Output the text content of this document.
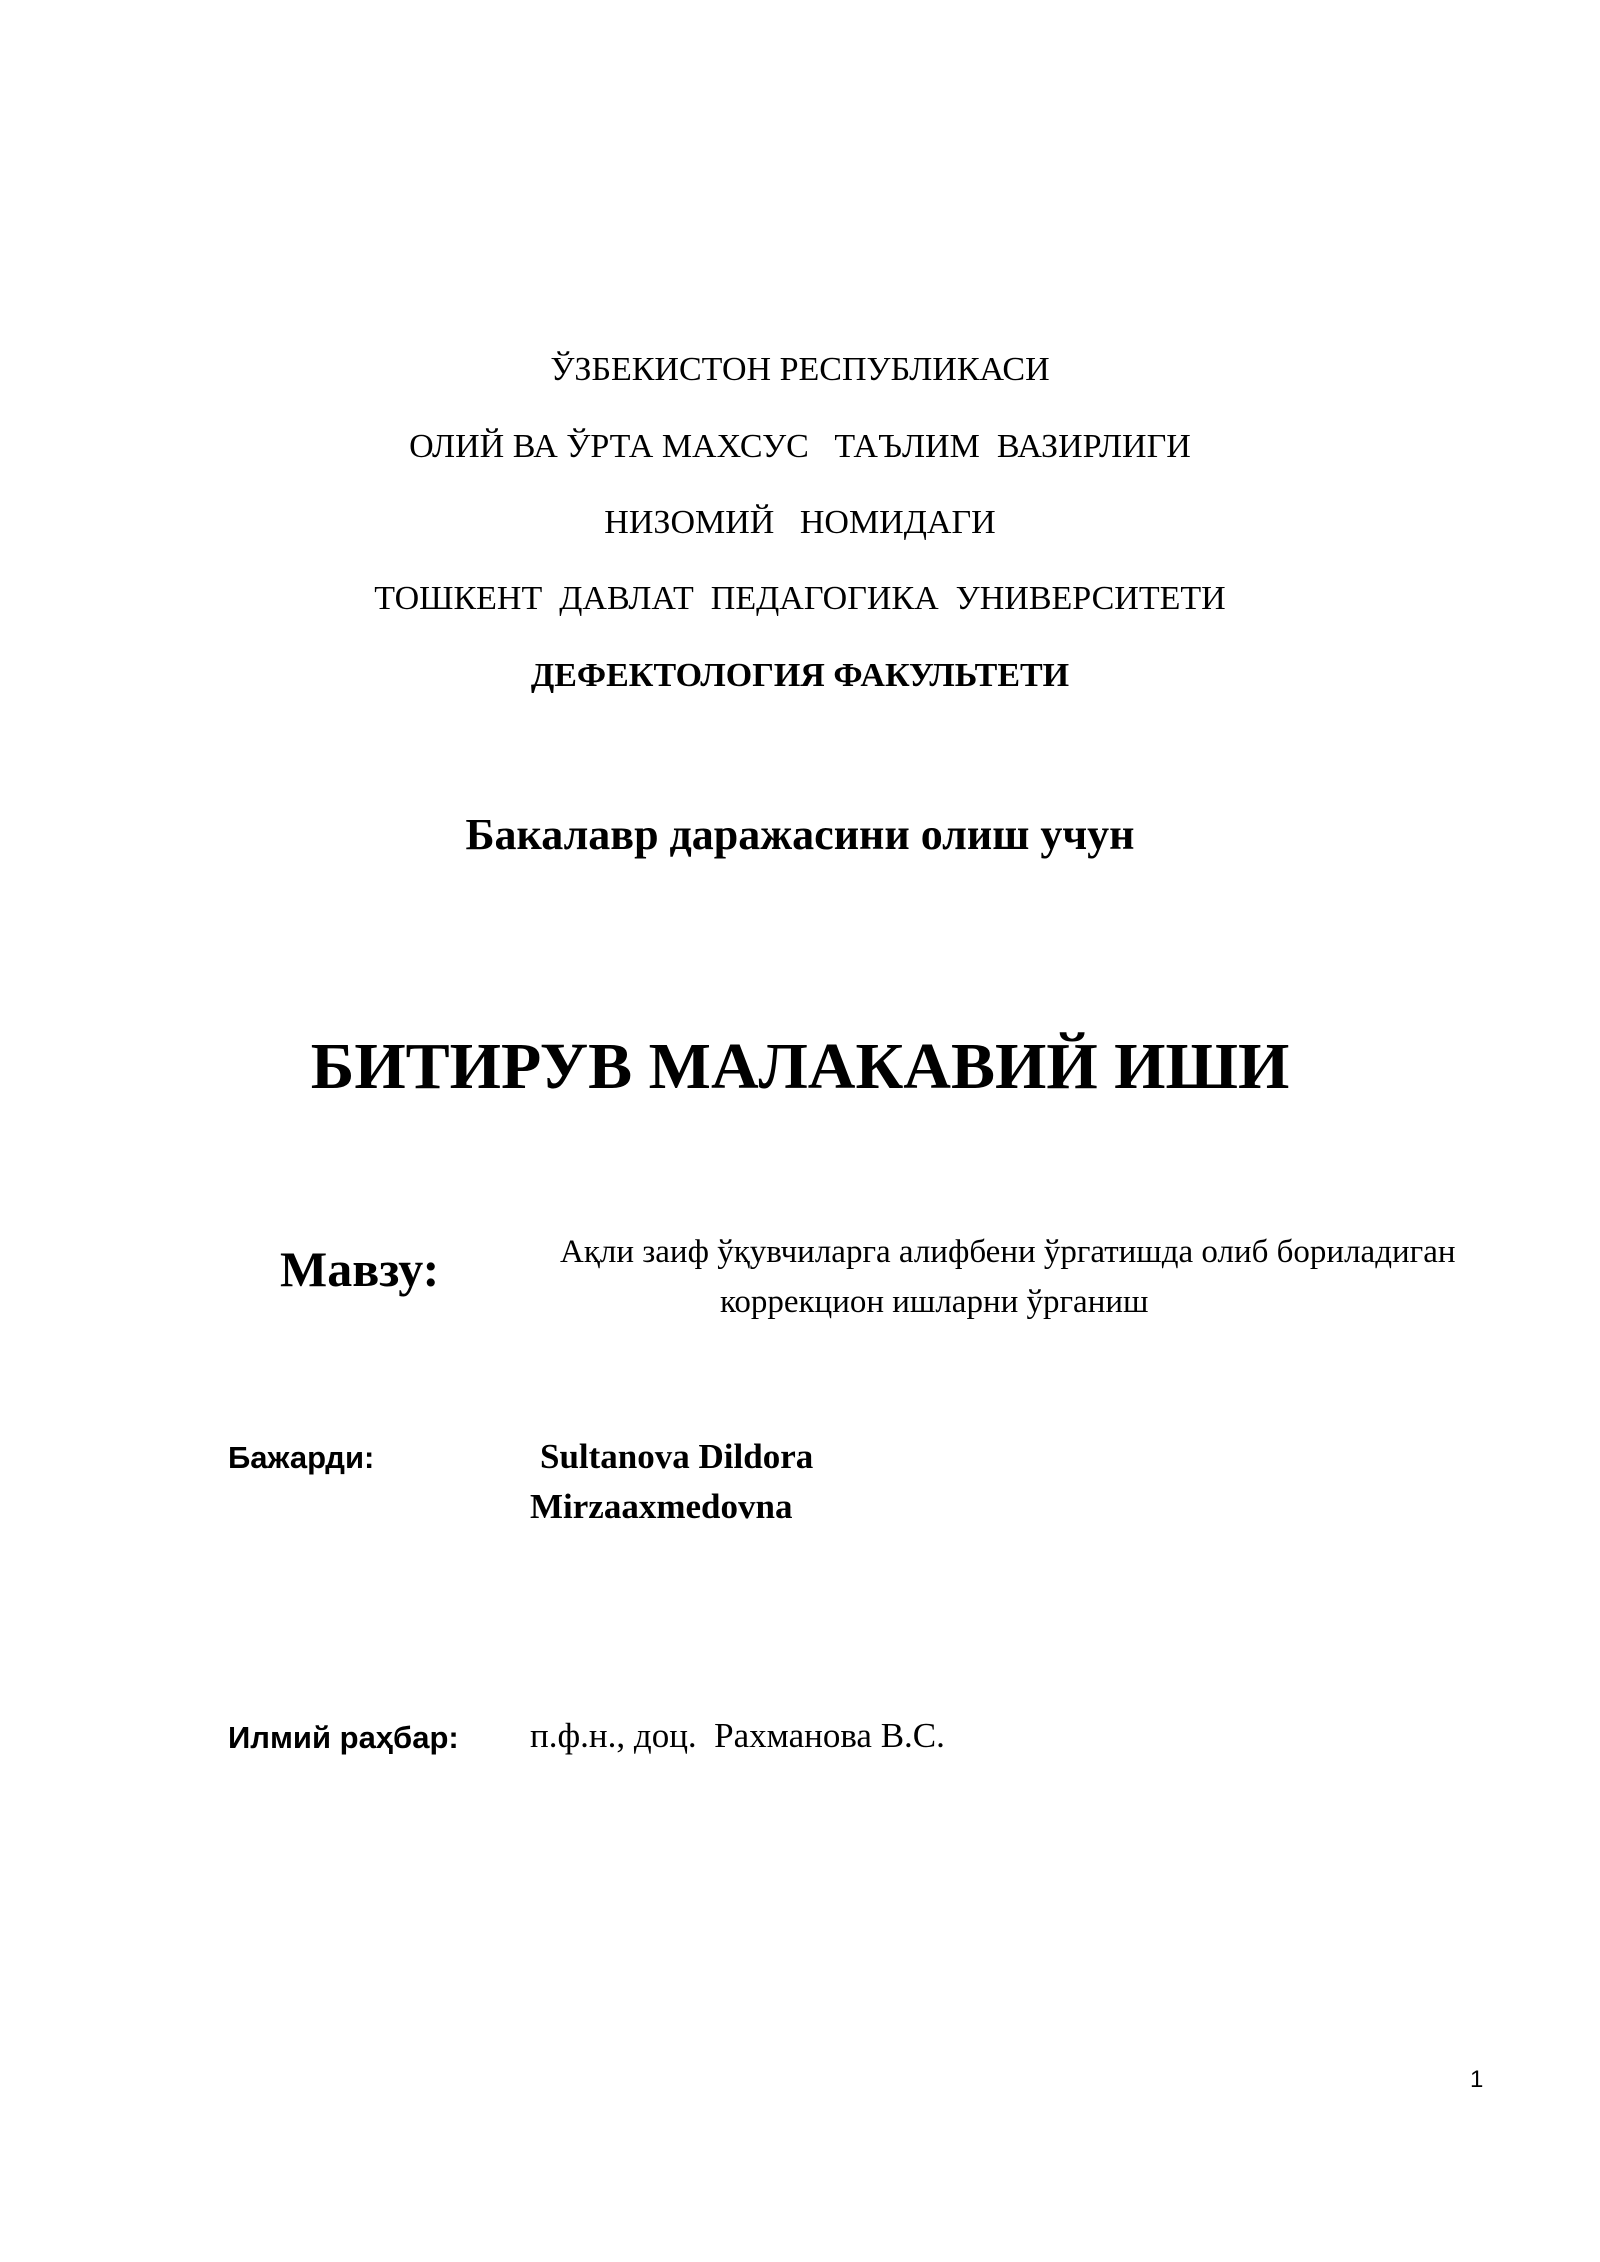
ЎЗБЕКИСТОН РЕСПУБЛИКАСИ
ОЛИЙ ВА ЎРТА МАХСУС   ТАЪЛИМ  ВАЗИРЛИГИ
НИЗОМИЙ   НОМИДАГИ
ТОШКЕНТ  ДАВЛАТ  ПЕДАГОГИКА  УНИВЕРСИТЕТИ
ДЕФЕКТОЛОГИЯ ФАКУЛЬТЕТИ
Бакалавр даражасини олиш учун
БИТИРУВ МАЛАКАВИЙ ИШИ
Мавзу:	Ақли заиф ўқувчиларга алифбени ўргатишда олиб бориладиган
коррекцион ишларни ўрганиш
Бажарди:	Sultanova Dildora
Mirzaaxmedovna
Илмий раҳбар: п.ф.н., доц.  Рахманова В.С.
1
